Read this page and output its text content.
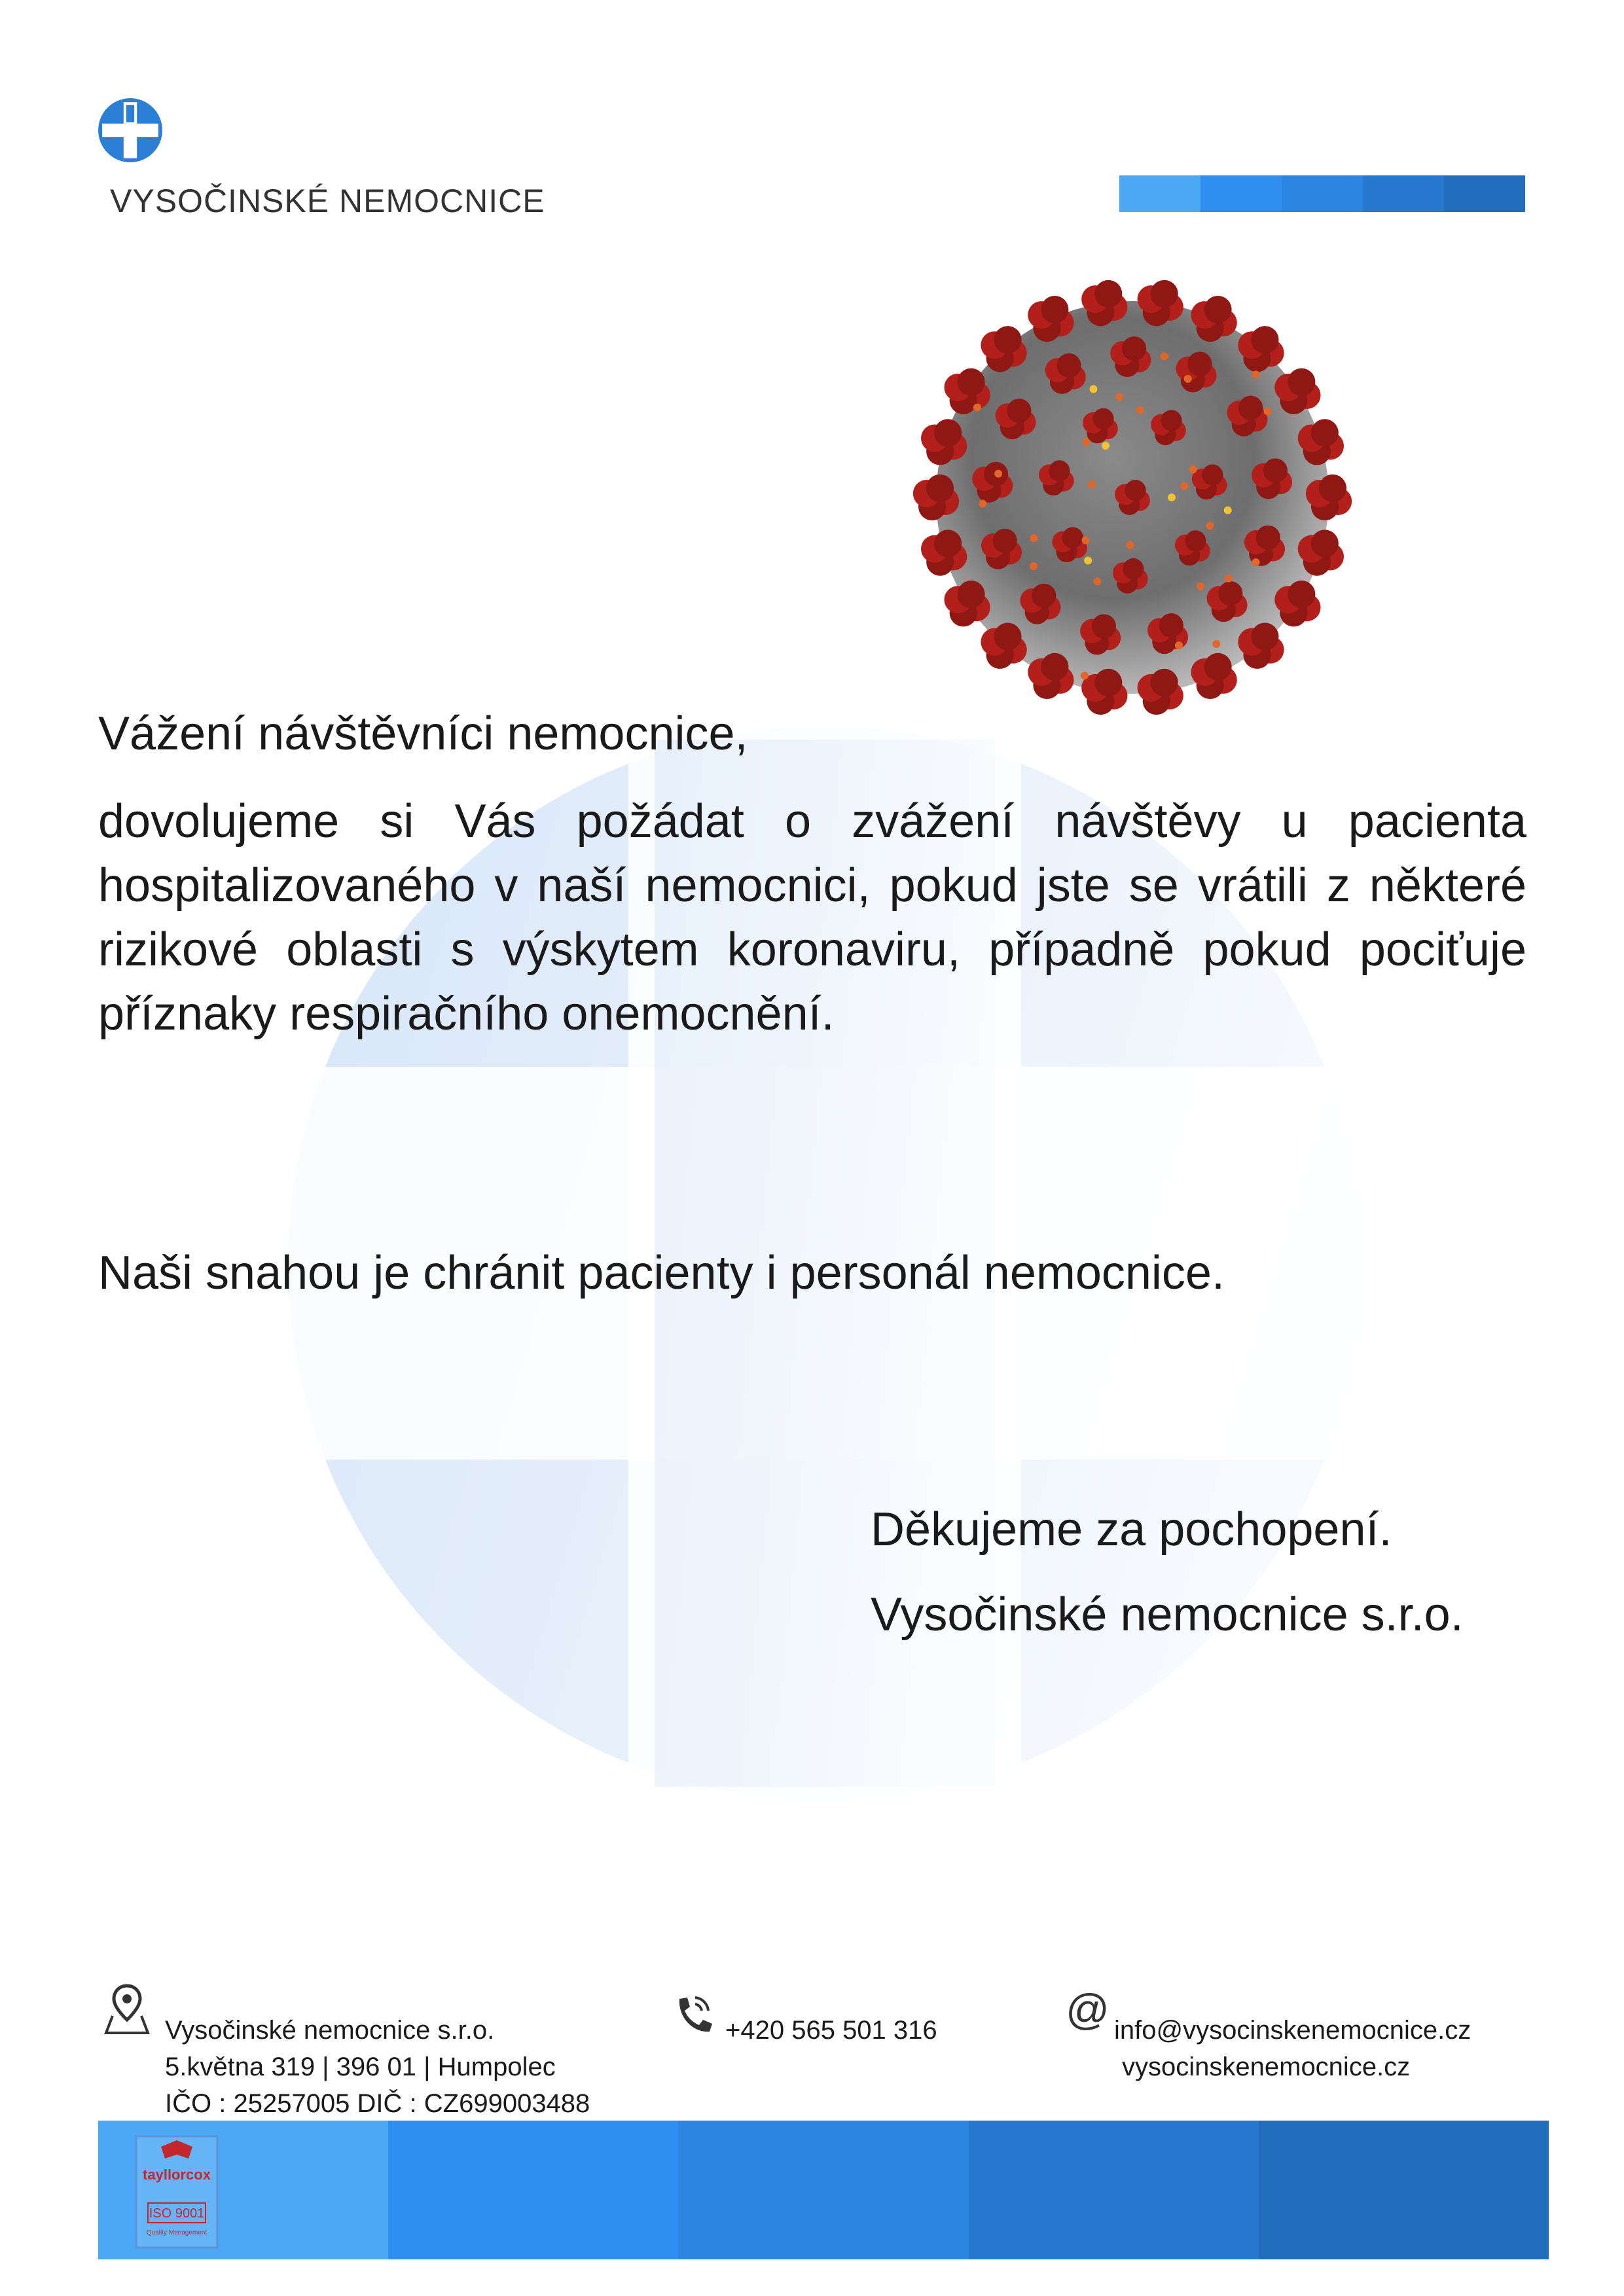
VYSOČINSKÉ NEMOCNICE
Vážení návštěvníci nemocnice,
dovolujeme si Vás požádat o zvážení návštěvy u pacienta hospitalizovaného v naší nemocnici, pokud jste se vrátili z některé rizikové oblasti s výskytem koronaviru, případně pokud pociťuje příznaky respiračního onemocnění.
Naši snahou je chránit pacienty i personál nemocnice.
Děkujeme za pochopení.
Vysočinské nemocnice s.r.o.
Vysočinské nemocnice s.r.o.
5.května 319 | 396 01 | Humpolec
IČO : 25257005 DIČ : CZ699003488
+420 565 501 316	@ info@vysocinskenemocnice.cz
vysocinskenemocnice.cz
tayllorcox
ISO 9001
Quality Management
